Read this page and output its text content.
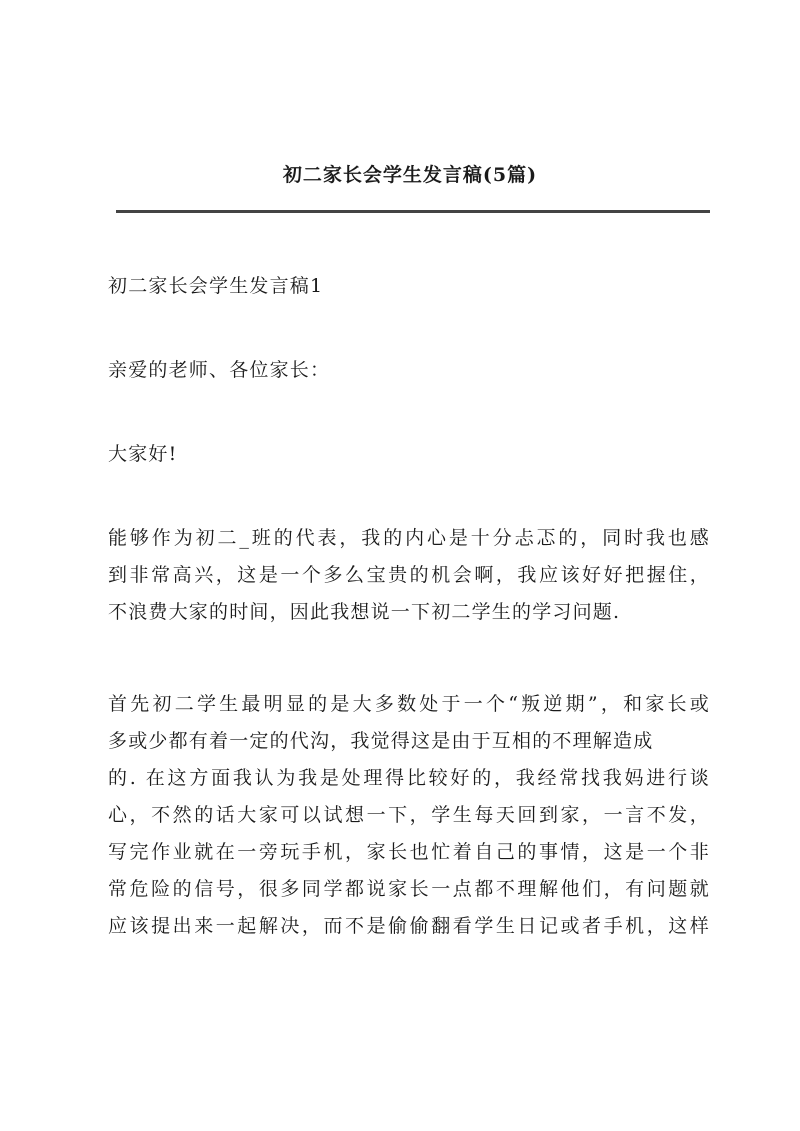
初二家长会学生发言稿(5篇)

初二家长会学生发言稿1

亲爱的老师、各位家长：

大家好!

能够作为初二_班的代表，我的内心是十分忐忑的，同时我也感
到非常高兴，这是一个多么宝贵的机会啊，我应该好好把握住，
不浪费大家的时间，因此我想说一下初二学生的学习问题.

首先初二学生最明显的是大多数处于一个“叛逆期”，和家长或
多或少都有着一定的代沟，我觉得这是由于互相的不理解造成
的. 在这方面我认为我是处理得比较好的，我经常找我妈进行谈
心，不然的话大家可以试想一下，学生每天回到家，一言不发，
写完作业就在一旁玩手机，家长也忙着自己的事情，这是一个非
常危险的信号，很多同学都说家长一点都不理解他们，有问题就
应该提出来一起解决，而不是偷偷翻看学生日记或者手机，这样
